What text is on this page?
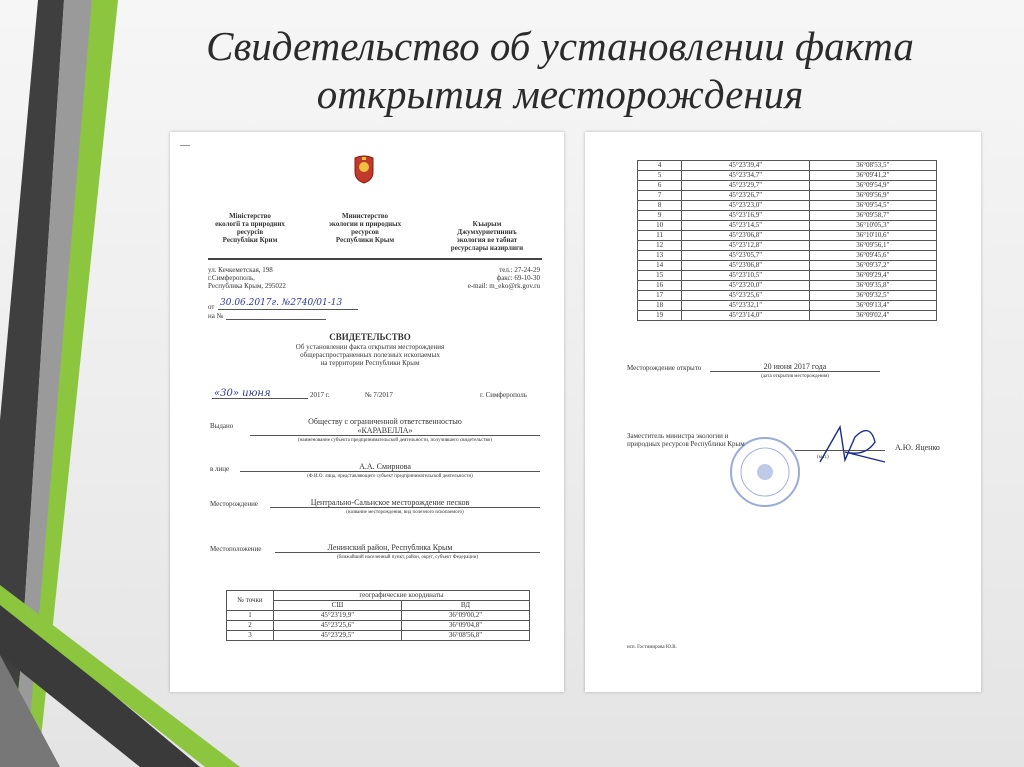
Свидетельство об установлении факта
открытия месторождения
—
Міністерство
екології та природних
ресурсів
Республіки Крим
Министерство
экологии и природных
ресурсов
Республики Крым
Къырым
Джумхуриетининъ
экология ве табиат
ресурслары назирлиги
ул. Кечкеметская, 198
г.Симферополь,
Республика Крым, 295022
тел.: 27-24-29
факс: 69-10-30
e-mail: m_eko@rk.gov.ru
от 30.06.2017г. №2740/01-13
на №
СВИДЕТЕЛЬСТВО
Об установлении факта открытия месторождения
общераспространенных полезных ископаемых
на территории Республики Крым
«30» июня	2017 г.	№ 7/2017	г. Симферополь
Выдано	Обществу с ограниченной ответственностью
«КАРАВЕЛЛА»
(наименование субъекта предпринимательской деятельности, получившего свидетельство)
в лице	А.А. Смирнова
(Ф.И.О. лица, представляющего субъект предпринимательской деятельности)
Месторождение	Центрально-Сальнское месторождение песков
(название месторождения, вид полезного ископаемого)
Местоположение	Ленинский район, Республика Крым
(ближайший населенный пункт, район, округ, субъект Федерации)
№ точки	географические координаты	
	СШ	ВД
1	45°23'19,9"	36°09'00,2"
2	45°23'25,6"	36°09'04,8"
3	45°23'29,5"	36°08'56,8"
4	45°23'39,4"	36°08'53,5"
5	45°23'34,7"	36°09'41,2"
6	45°23'29,7"	36°09'54,9"
7	45°23'26,7"	36°09'56,9"
8	45°23'23,0"	36°09'54,5"
9	45°23'16,9"	36°09'58,7"
10	45°23'14,5"	36°10'05,3"
11	45°23'06,8"	36°10'10,6"
12	45°23'12,8"	36°09'56,1"
13	45°23'05,7"	36°09'45,6"
14	45°23'06,8"	36°09'37,2"
15	45°23'10,5"	36°09'29,4"
16	45°23'20,0"	36°09'35,8"
17	45°23'25,6"	36°09'32,5"
18	45°23'32,1"	36°09'13,4"
19	45°23'14,0"	36°09'02,4"
Месторождение открыто	20 июня 2017 года
(дата открытия месторождения)
Заместитель министра экологии и
природных ресурсов Республики Крым
(м.п.)
А.Ю. Яценко
исп. Гостимирова Ю.В.
